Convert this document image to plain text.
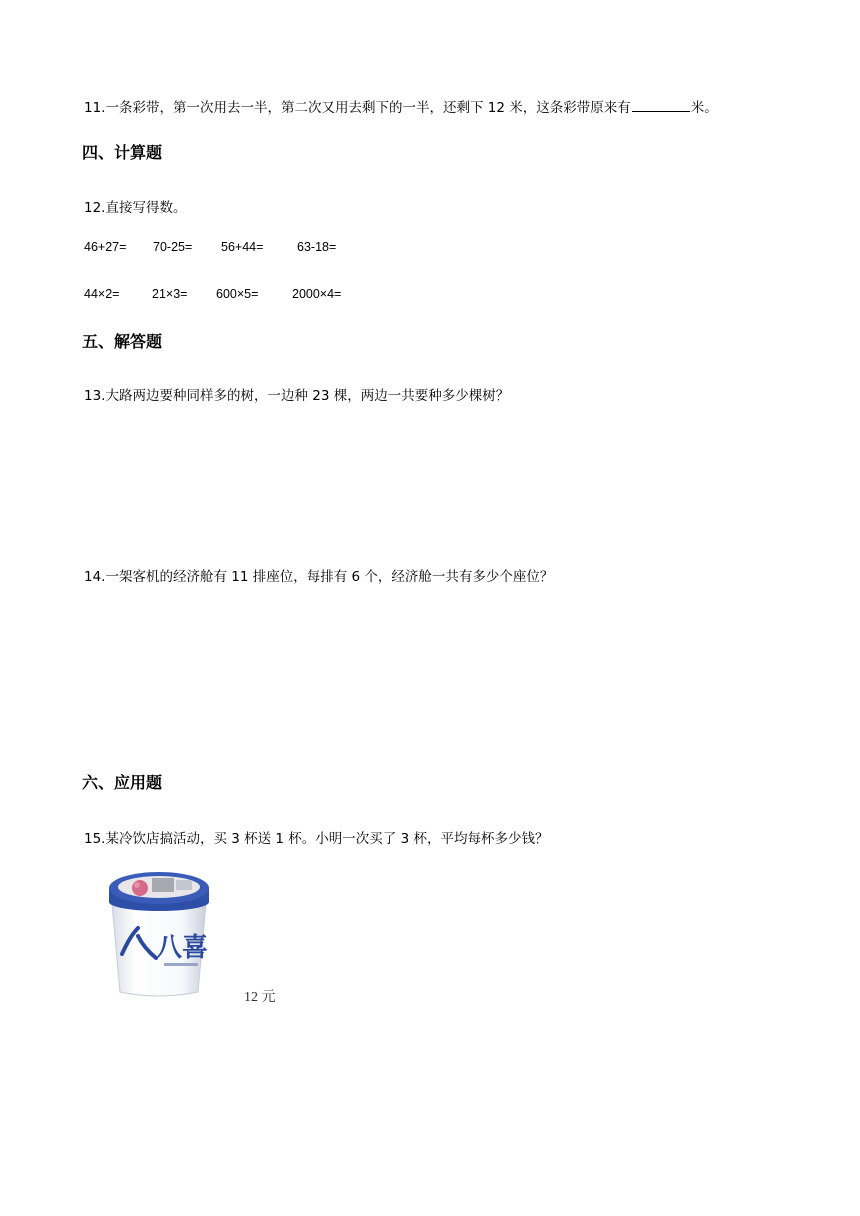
11.一条彩带，第一次用去一半，第二次又用去剩下的一半，还剩下 12 米，这条彩带原来有	米。
四、计算题
12.直接写得数。
46+27= 70-25= 56+44=	63-18=
44×2=	21×3= 600×5=	2000×4=
五、解答题
13.大路两边要种同样多的树，一边种 23 棵，两边一共要种多少棵树？
14.一架客机的经济舱有 11 排座位，每排有 6 个，经济舱一共有多少个座位？
六、应用题
15.某冷饮店搞活动，买 3 杯送 1 杯。小明一次买了 3 杯，平均每杯多少钱？
八喜
12 元
